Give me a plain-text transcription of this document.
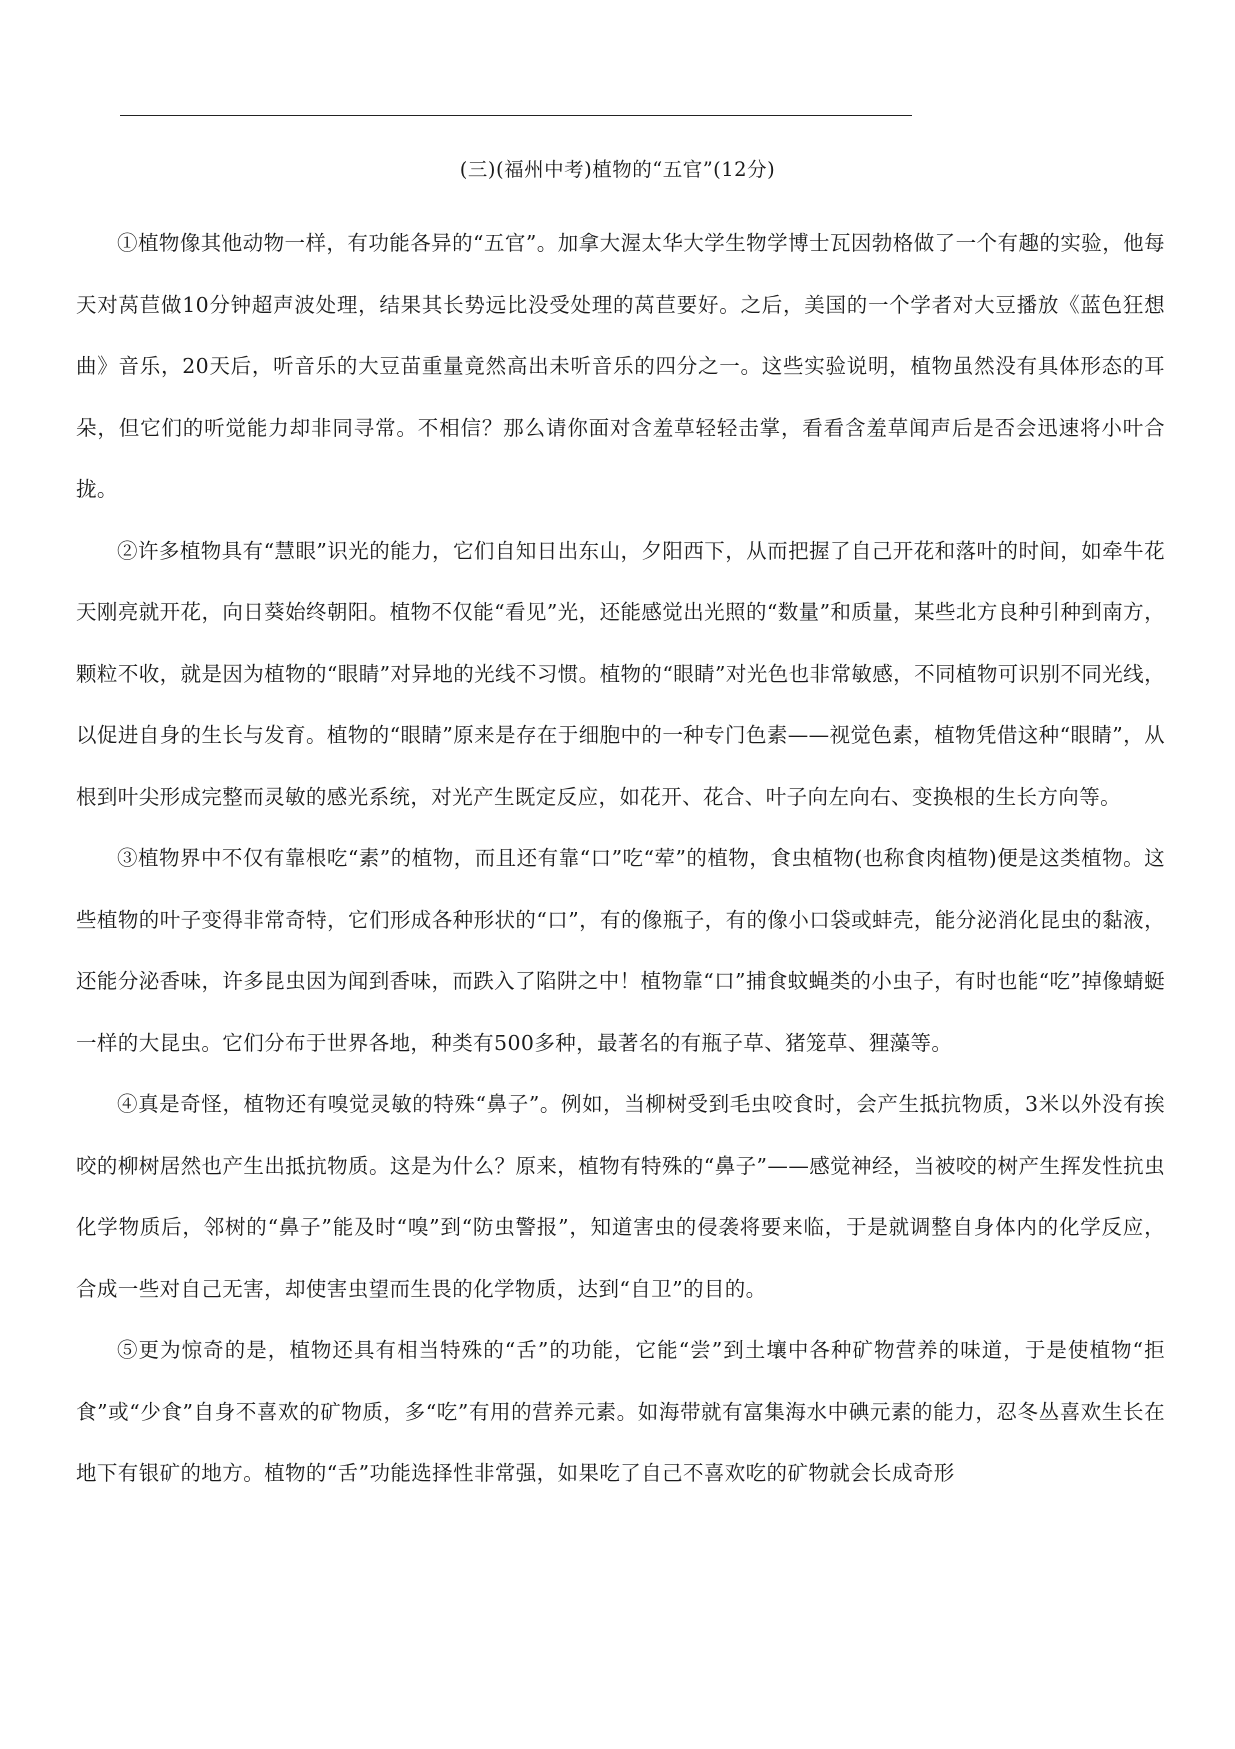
(三)(福州中考)植物的“五官”(12分)

①植物像其他动物一样，有功能各异的“五官”。加拿大渥太华大学生物学博士瓦因勃格做了一个有趣的实验，他每天对莴苣做10分钟超声波处理，结果其长势远比没受处理的莴苣要好。之后，美国的一个学者对大豆播放《蓝色狂想曲》音乐，20天后，听音乐的大豆苗重量竟然高出未听音乐的四分之一。这些实验说明，植物虽然没有具体形态的耳朵，但它们的听觉能力却非同寻常。不相信？那么请你面对含羞草轻轻击掌，看看含羞草闻声后是否会迅速将小叶合拢。

②许多植物具有“慧眼”识光的能力，它们自知日出东山，夕阳西下，从而把握了自己开花和落叶的时间，如牵牛花天刚亮就开花，向日葵始终朝阳。植物不仅能“看见”光，还能感觉出光照的“数量”和质量，某些北方良种引种到南方，颗粒不收，就是因为植物的“眼睛”对异地的光线不习惯。植物的“眼睛”对光色也非常敏感，不同植物可识别不同光线，以促进自身的生长与发育。植物的“眼睛”原来是存在于细胞中的一种专门色素——视觉色素，植物凭借这种“眼睛”，从根到叶尖形成完整而灵敏的感光系统，对光产生既定反应，如花开、花合、叶子向左向右、变换根的生长方向等。

③植物界中不仅有靠根吃“素”的植物，而且还有靠“口”吃“荤”的植物，食虫植物(也称食肉植物)便是这类植物。这些植物的叶子变得非常奇特，它们形成各种形状的“口”，有的像瓶子，有的像小口袋或蚌壳，能分泌消化昆虫的黏液，还能分泌香味，许多昆虫因为闻到香味，而跌入了陷阱之中！植物靠“口”捕食蚊蝇类的小虫子，有时也能“吃”掉像蜻蜓一样的大昆虫。它们分布于世界各地，种类有500多种，最著名的有瓶子草、猪笼草、狸藻等。

④真是奇怪，植物还有嗅觉灵敏的特殊“鼻子”。例如，当柳树受到毛虫咬食时，会产生抵抗物质，3米以外没有挨咬的柳树居然也产生出抵抗物质。这是为什么？原来，植物有特殊的“鼻子”——感觉神经，当被咬的树产生挥发性抗虫化学物质后，邻树的“鼻子”能及时“嗅”到“防虫警报”，知道害虫的侵袭将要来临，于是就调整自身体内的化学反应，合成一些对自己无害，却使害虫望而生畏的化学物质，达到“自卫”的目的。

⑤更为惊奇的是，植物还具有相当特殊的“舌”的功能，它能“尝”到土壤中各种矿物营养的味道，于是使植物“拒食”或“少食”自身不喜欢的矿物质，多“吃”有用的营养元素。如海带就有富集海水中碘元素的能力，忍冬丛喜欢生长在地下有银矿的地方。植物的“舌”功能选择性非常强，如果吃了自己不喜欢吃的矿物就会长成奇形
